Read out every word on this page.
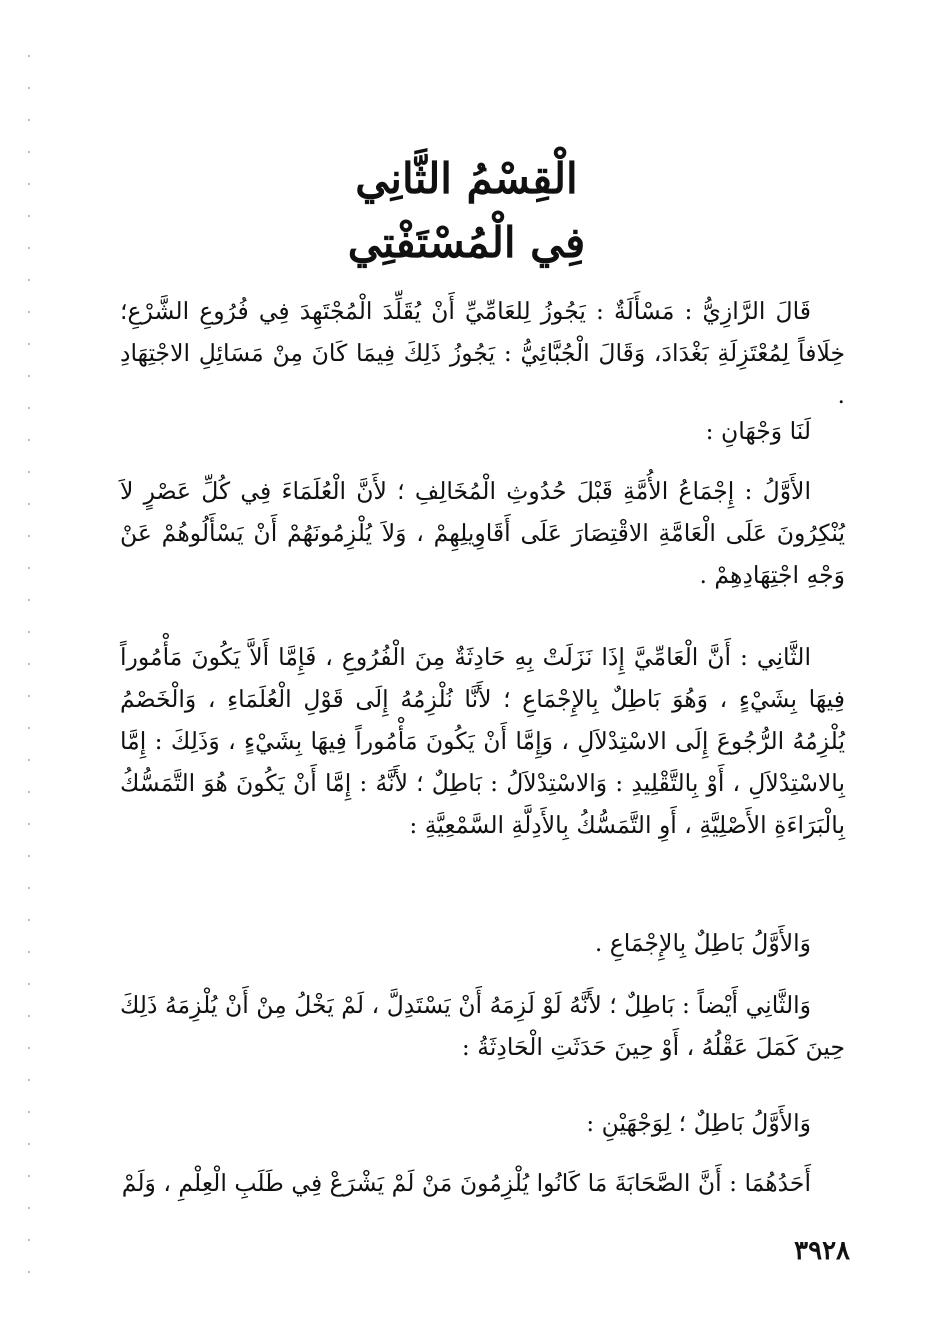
الْقِسْمُ الثَّانِي
فِي الْمُسْتَفْتِي

قَالَ الرَّازِيُّ : مَسْأَلَةٌ : يَجُوزُ لِلعَامِّيِّ أَنْ يُقَلِّدَ الْمُجْتَهِدَ فِي فُرُوعِ الشَّرْعِ؛ خِلَافاً لِمُعْتَزِلَةِ بَغْدَادَ، وَقَالَ الْجُبَّائِيُّ : يَجُوزُ ذَلِكَ فِيمَا كَانَ مِنْ مَسَائِلِ الاجْتِهَادِ .

لَنَا وَجْهَانِ :

الأَوَّلُ : إِجْمَاعُ الأُمَّةِ قَبْلَ حُدُوثِ الْمُخَالِفِ ؛ لأَنَّ الْعُلَمَاءَ فِي كُلِّ عَصْرٍ لاَ يُنْكِرُونَ عَلَى الْعَامَّةِ الاقْتِصَارَ عَلَى أَقَاوِيلِهِمْ ، وَلاَ يُلْزِمُونَهُمْ أَنْ يَسْأَلُوهُمْ عَنْ وَجْهِ اجْتِهَادِهِمْ .

الثَّانِي : أَنَّ الْعَامِّيَّ إِذَا نَزَلَتْ بِهِ حَادِثَةٌ مِنَ الْفُرُوعِ ، فَإِمَّا أَلاَّ يَكُونَ مَأْمُوراً فِيهَا بِشَيْءٍ ، وَهُوَ بَاطِلٌ بِالإِجْمَاعِ ؛ لأَنَّا نُلْزِمُهُ إِلَى قَوْلِ الْعُلَمَاءِ ، وَالْخَصْمُ يُلْزِمُهُ الرُّجُوعَ إِلَى الاسْتِدْلاَلِ ، وَإِمَّا أَنْ يَكُونَ مَأْمُوراً فِيهَا بِشَيْءٍ ، وَذَلِكَ : إِمَّا بِالاسْتِدْلاَلِ ، أَوْ بِالتَّقْلِيدِ : وَالاسْتِدْلاَلُ : بَاطِلٌ ؛ لأَنَّهُ : إِمَّا أَنْ يَكُونَ هُوَ التَّمَسُّكُ بِالْبَرَاءَةِ الأَصْلِيَّةِ ، أَوِ التَّمَسُّكُ بِالأَدِلَّةِ السَّمْعِيَّةِ :

وَالأَوَّلُ بَاطِلٌ بِالإِجْمَاعِ .

وَالثَّانِي أَيْضاً : بَاطِلٌ ؛ لأَنَّهُ لَوْ لَزِمَهُ أَنْ يَسْتَدِلَّ ، لَمْ يَخْلُ مِنْ أَنْ يُلْزِمَهُ ذَلِكَ حِينَ كَمَلَ عَقْلُهُ ، أَوْ حِينَ حَدَثَتِ الْحَادِثَةُ :

وَالأَوَّلُ بَاطِلٌ ؛ لِوَجْهَيْنِ :

أَحَدُهُمَا : أَنَّ الصَّحَابَةَ مَا كَانُوا يُلْزِمُونَ مَنْ لَمْ يَشْرَعْ فِي طَلَبِ الْعِلْمِ ، وَلَمْ

٣٩٢٨
